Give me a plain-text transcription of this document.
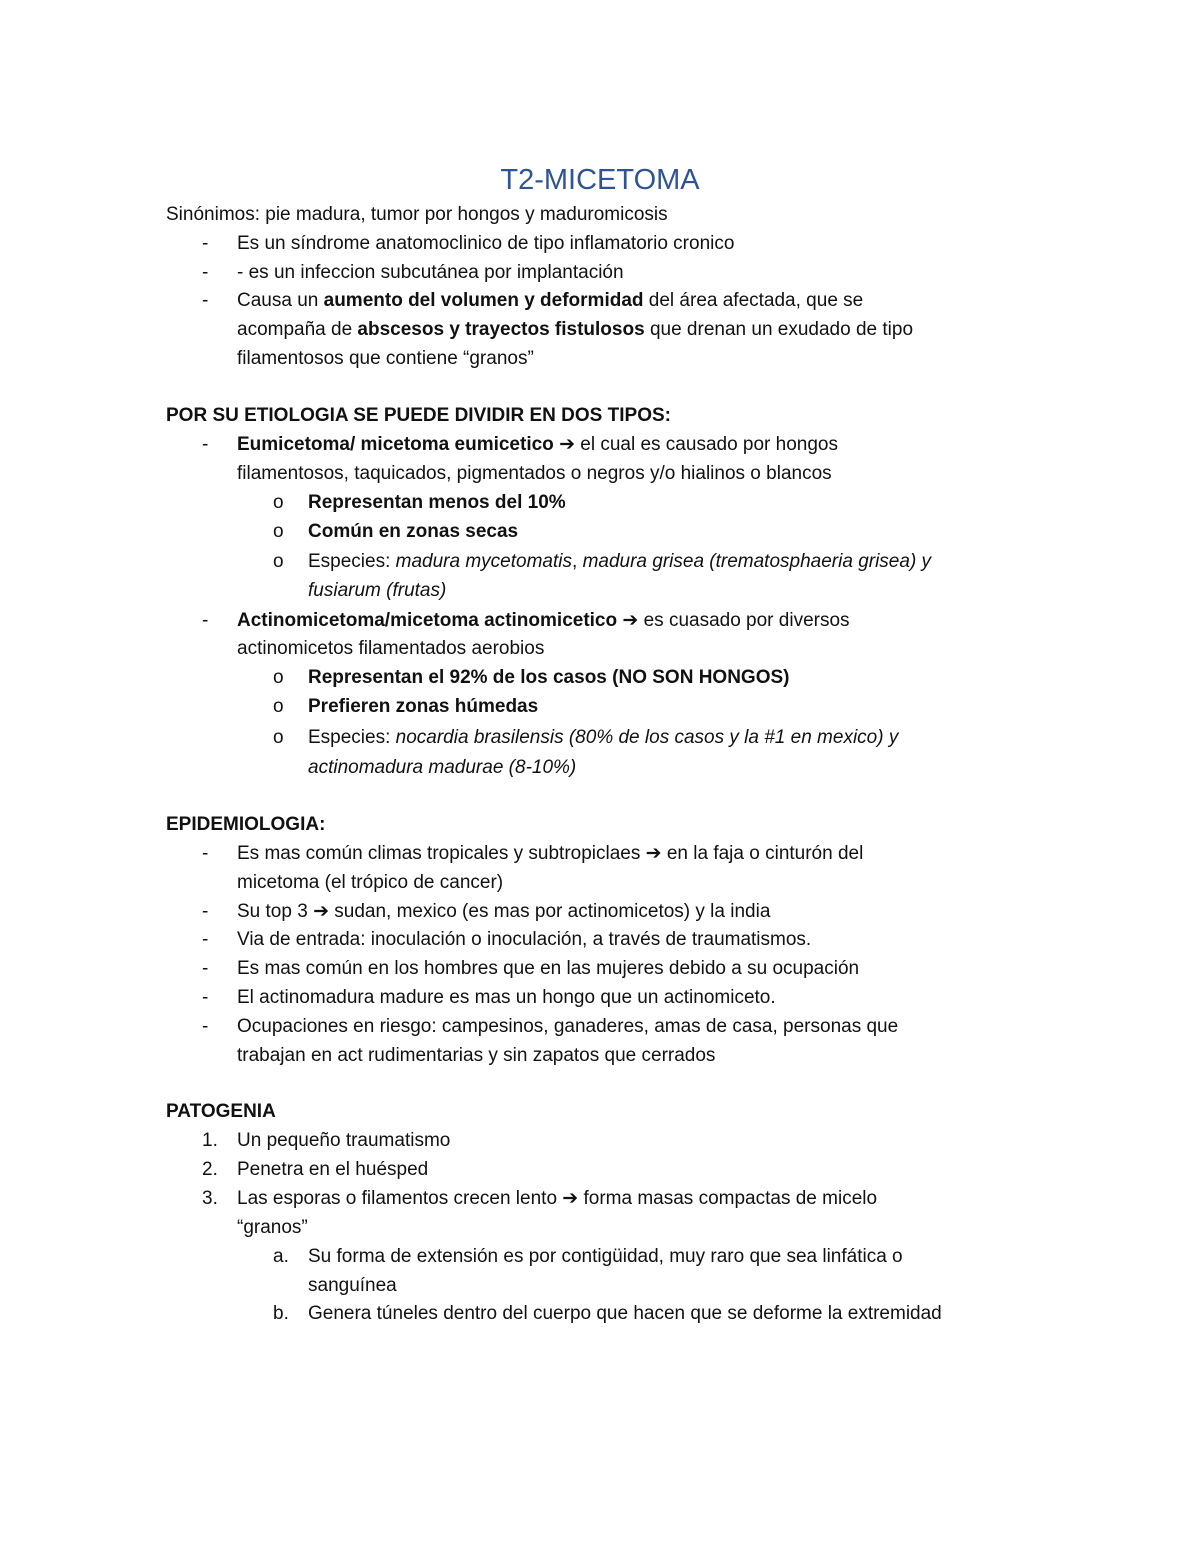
T2-MICETOMA
Sinónimos: pie madura, tumor por hongos y maduromicosis
- Es un síndrome anatomoclinico de tipo inflamatorio cronico
- - es un infeccion subcutánea por implantación
- Causa un aumento del volumen y deformidad del área afectada, que se
acompaña de abscesos y trayectos fistulosos que drenan un exudado de tipo
filamentosos que contiene “granos”
POR SU ETIOLOGIA SE PUEDE DIVIDIR EN DOS TIPOS:
- Eumicetoma/ micetoma eumicetico ➔ el cual es causado por hongos
filamentosos, taquicados, pigmentados o negros y/o hialinos o blancos
o Representan menos del 10%
o Común en zonas secas
o Especies: madura mycetomatis, madura grisea (trematosphaeria grisea) y
fusiarum (frutas)
- Actinomicetoma/micetoma actinomicetico ➔ es cuasado por diversos
actinomicetos filamentados aerobios
o Representan el 92% de los casos (NO SON HONGOS)
o Prefieren zonas húmedas
o Especies: nocardia brasilensis (80% de los casos y la #1 en mexico) y
actinomadura madurae (8-10%)
EPIDEMIOLOGIA:
- Es mas común climas tropicales y subtropiclaes ➔ en la faja o cinturón del
micetoma (el trópico de cancer)
- Su top 3 ➔ sudan, mexico (es mas por actinomicetos) y la india
- Via de entrada: inoculación o inoculación, a través de traumatismos.
- Es mas común en los hombres que en las mujeres debido a su ocupación
- El actinomadura madure es mas un hongo que un actinomiceto.
- Ocupaciones en riesgo: campesinos, ganaderes, amas de casa, personas que
trabajan en act rudimentarias y sin zapatos que cerrados
PATOGENIA
1. Un pequeño traumatismo
2. Penetra en el huésped
3. Las esporas o filamentos crecen lento ➔ forma masas compactas de micelo
“granos”
a. Su forma de extensión es por contigüidad, muy raro que sea linfática o
sanguínea
b. Genera túneles dentro del cuerpo que hacen que se deforme la extremidad
